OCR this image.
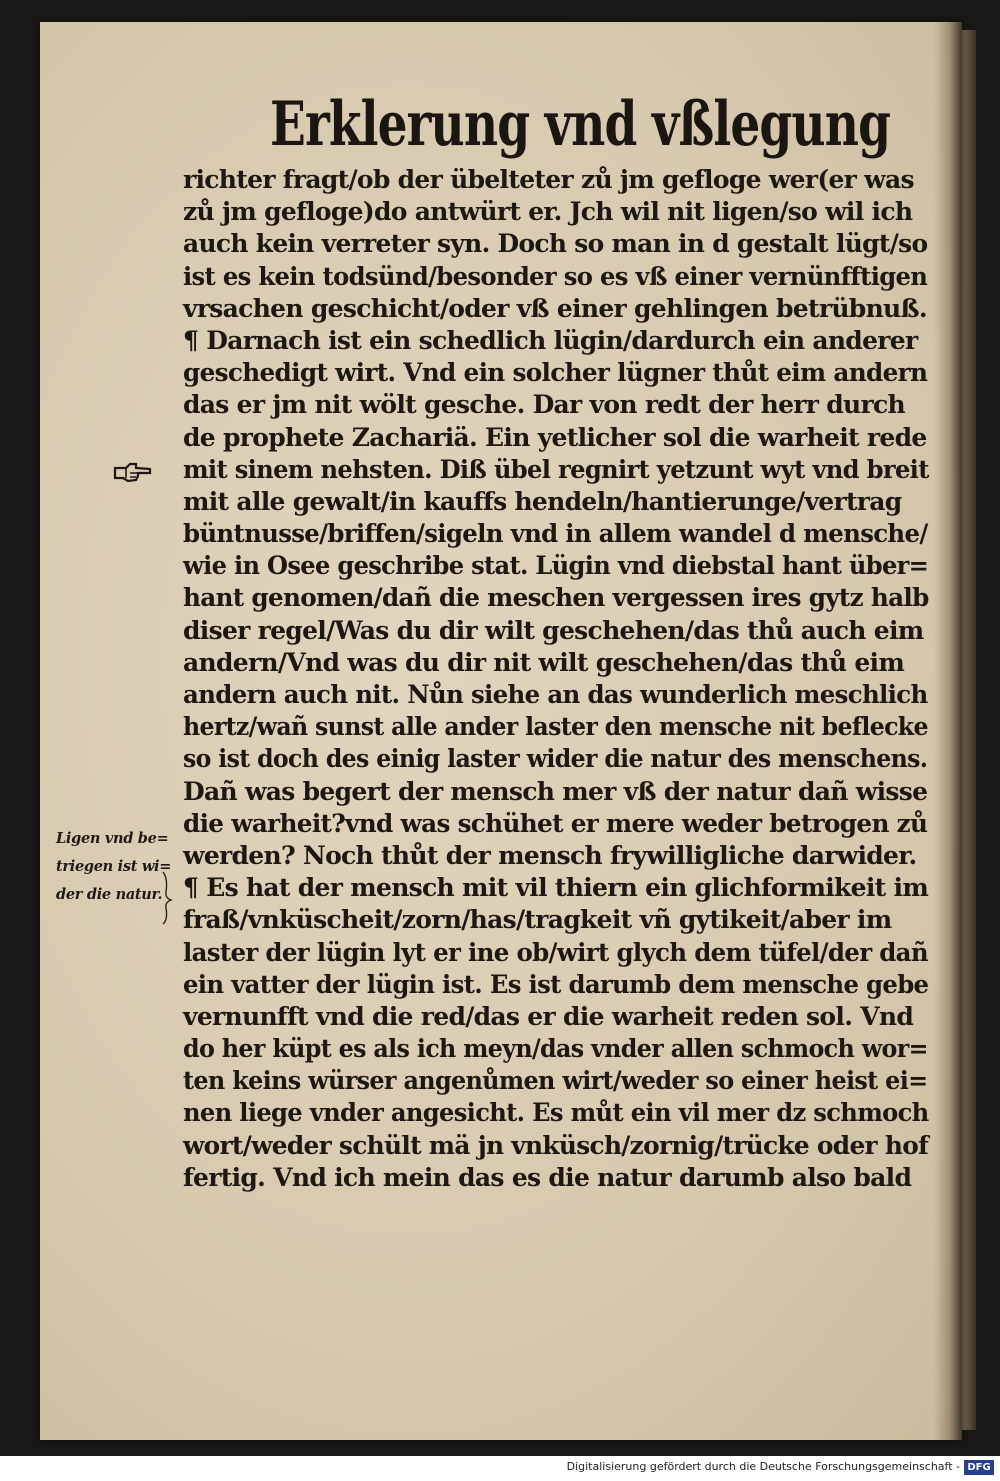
Erklerung vnd vßlegung
richter fragt/ob der übelteter zů jm gefloge wer(er was
zů jm gefloge)do antwürt er. Jch wil nit ligen/so wil ich
auch kein verreter syn. Doch so man in d gestalt lügt/so
ist es kein todsünd/besonder so es vß einer vernünfftigen
vrsachen geschicht/oder vß einer gehlingen betrübnuß.
¶ Darnach ist ein schedlich lügin/dardurch ein anderer
geschedigt wirt. Vnd ein solcher lügner thůt eim andern
das er jm nit wölt gesche. Dar von redt der herr durch
de prophete Zachariä. Ein yetlicher sol die warheit rede
mit sinem nehsten. Diß übel regnirt yetzunt wyt vnd breit
mit alle gewalt/in kauffs hendeln/hantierunge/vertrag
büntnusse/briffen/sigeln vnd in allem wandel d mensche/
wie in Osee geschribe stat. Lügin vnd diebstal hant über=
hant genomen/dañ die meschen vergessen ires gytz halb
diser regel/Was du dir wilt geschehen/das thů auch eim
andern/Vnd was du dir nit wilt geschehen/das thů eim
andern auch nit. Nůn siehe an das wunderlich meschlich
hertz/wañ sunst alle ander laster den mensche nit beflecke
so ist doch des einig laster wider die natur des menschens.
Dañ was begert der mensch mer vß der natur dañ wisse
die warheit?vnd was schühet er mere weder betrogen zů
werden? Noch thůt der mensch frywilligliche darwider.
¶ Es hat der mensch mit vil thiern ein glichformikeit im
fraß/vnküscheit/zorn/has/tragkeit vñ gytikeit/aber im
laster der lügin lyt er ine ob/wirt glych dem tüfel/der dañ
ein vatter der lügin ist. Es ist darumb dem mensche gebe
vernunfft vnd die red/das er die warheit reden sol. Vnd
do her küpt es als ich meyn/das vnder allen schmoch wor=
ten keins würser angenůmen wirt/weder so einer heist ei=
nen liege vnder angesicht. Es můt ein vil mer dz schmoch
wort/weder schült mä jn vnküsch/zornig/trücke oder hof
fertig. Vnd ich mein das es die natur darumb also bald
Ligen vnd be=
triegen ist wi=
der die natur.
Digitalisierung gefördert durch die Deutsche Forschungsgemeinschaft - DFG
